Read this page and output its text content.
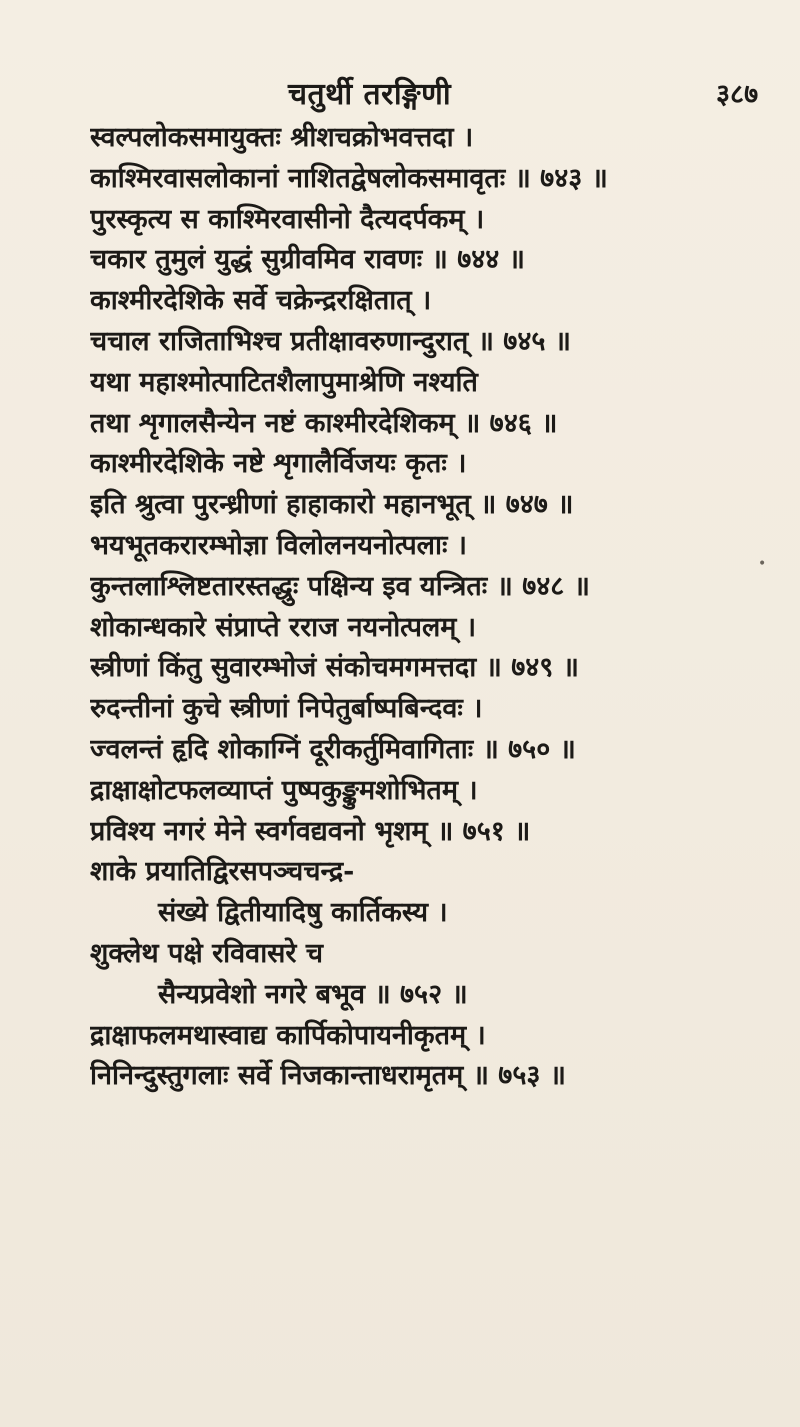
चतुर्थी तरङ्गिणी	३८७
स्वल्पलोकसमायुक्तः श्रीशचक्रोभवत्तदा ।
काश्मिरवासलोकानां नाशितद्वेषलोकसमावृतः ॥ ७४३ ॥
पुरस्कृत्य स काश्मिरवासीनो दैत्यदर्पकम् ।
चकार तुमुलं युद्धं सुग्रीवमिव रावणः ॥ ७४४ ॥
काश्मीरदेशिके सर्वे चक्रेन्द्ररक्षितात् ।
चचाल राजिताभिश्च प्रतीक्षावरुणान्दुरात् ॥ ७४५ ॥
यथा महाश्मोत्पाटितशैलापुमाश्रेणि नश्यति
तथा शृगालसैन्येन नष्टं काश्मीरदेशिकम् ॥ ७४६ ॥
काश्मीरदेशिके नष्टे शृगालैर्विजयः कृतः ।
इति श्रुत्वा पुरन्ध्रीणां हाहाकारो महानभूत् ॥ ७४७ ॥
भयभूतकरारम्भोज्ञा विलोलनयनोत्पलाः ।
कुन्तलाश्लिष्टतारस्तद्धुः पक्षिन्य इव यन्त्रितः ॥ ७४८ ॥
शोकान्धकारे संप्राप्ते रराज नयनोत्पलम् ।
स्त्रीणां किंतु सुवारम्भोजं संकोचमगमत्तदा ॥ ७४९ ॥
रुदन्तीनां कुचे स्त्रीणां निपेतुर्बाष्पबिन्दवः ।
ज्वलन्तं हृदि शोकाग्निं दूरीकर्तुमिवागिताः ॥ ७५० ॥
द्राक्षाक्षोटफलव्याप्तं पुष्पकुङ्कुमशोभितम् ।
प्रविश्य नगरं मेने स्वर्गवद्यवनो भृशम् ॥ ७५१ ॥
शाके प्रयातिद्विरसपञ्चचन्द्र-
संख्ये द्वितीयादिषु कार्तिकस्य ।
शुक्लेथ पक्षे रविवासरे च
सैन्यप्रवेशो नगरे बभूव ॥ ७५२ ॥
द्राक्षाफलमथास्वाद्य कार्पिकोपायनीकृतम् ।
निनिन्दुस्तुगलाः सर्वे निजकान्ताधरामृतम् ॥ ७५३ ॥
•
